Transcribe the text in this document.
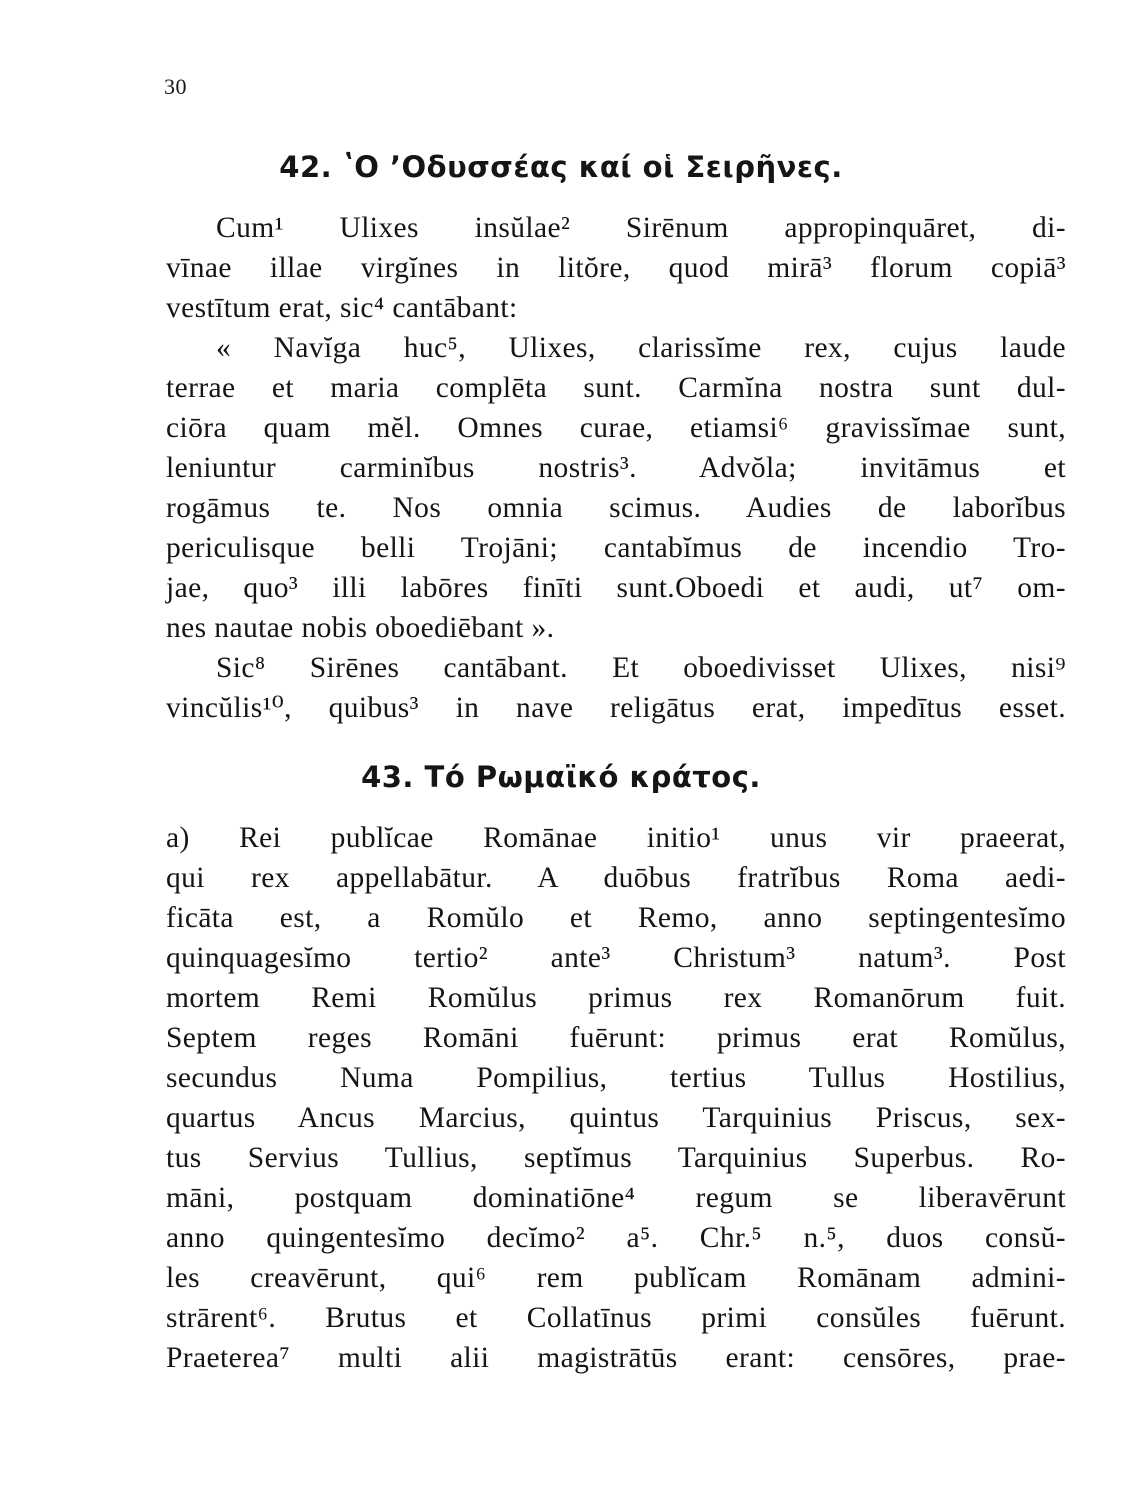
30
42. ʽΟ ʼΟδυσσέας καί οἱ Σειρῆνες.
Cum¹ Ulixes insŭlae² Sirēnum appropinquāret, di-
vīnae illae virgĭnes in litŏre, quod mirā³ florum copiā³
vestītum erat, sic⁴ cantābant:
« Navĭga huc⁵, Ulixes, clarissĭme rex, cujus laude
terrae et maria complēta sunt. Carmĭna nostra sunt dul-
ciōra quam mĕl. Omnes curae, etiamsi⁶ gravissĭmae sunt,
leniuntur carminĭbus nostris³. Advŏla; invitāmus et
rogāmus te. Nos omnia scimus. Audies de laborĭbus
periculisque belli Trojāni; cantabĭmus de incendio Tro-
jae, quo³ illi labōres finīti sunt.Oboedi et audi, ut⁷ om-
nes nautae nobis oboediēbant ».
Sic⁸ Sirēnes cantābant. Et oboedivisset Ulixes, nisi⁹
vincŭlis¹⁰, quibus³ in nave religātus erat, impedītus esset.
43. Τό Ρωμαϊκό κράτος.
a) Rei publĭcae Romānae initio¹ unus vir praeerat,
qui rex appellabātur. A duōbus fratrĭbus Roma aedi-
ficāta est, a Romŭlo et Remo, anno septingentesĭmo
quinquagesĭmo tertio² ante³ Christum³ natum³. Post
mortem Remi Romŭlus primus rex Romanōrum fuit.
Septem reges Romāni fuērunt: primus erat Romŭlus,
secundus Numa Pompilius, tertius Tullus Hostilius,
quartus Ancus Marcius, quintus Tarquinius Priscus, sex-
tus Servius Tullius, septĭmus Tarquinius Superbus. Ro-
māni, postquam dominatiōne⁴ regum se liberavērunt
anno quingentesĭmo decĭmo² a⁵. Chr.⁵ n.⁵, duos consŭ-
les creavērunt, qui⁶ rem publĭcam Romānam admini-
strārent⁶. Brutus et Collatīnus primi consŭles fuērunt.
Praeterea⁷ multi alii magistrātūs erant: censōres, prae-
